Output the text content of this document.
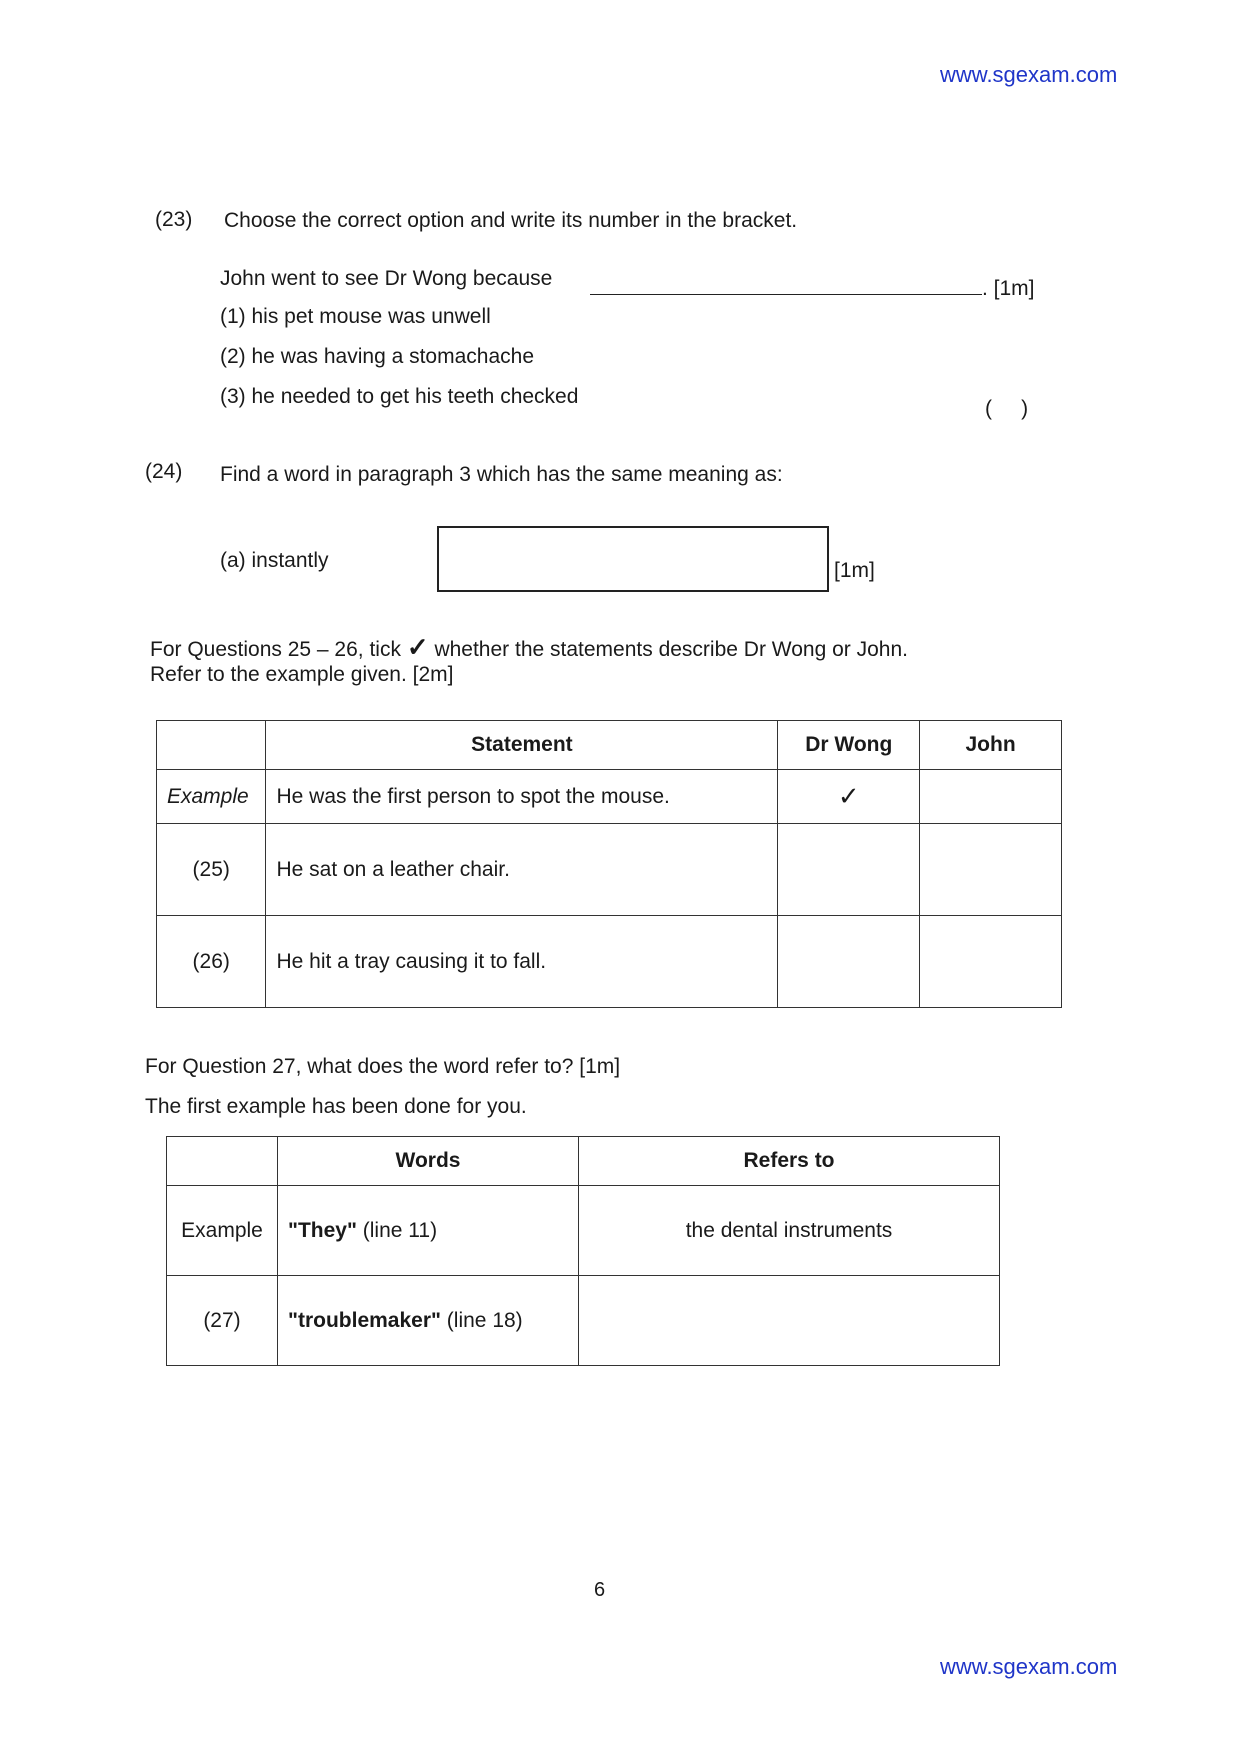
www.sgexam.com
(23) Choose the correct option and write its number in the bracket.
John went to see Dr Wong because	. [1m]
(1) his pet mouse was unwell
(2) he was having a stomachache
(3) he needed to get his teeth checked
(     )
(24) Find a word in paragraph 3 which has the same meaning as:
(a) instantly	[1m]
For Questions 25 – 26, tick ✓ whether the statements describe Dr Wong or John.
Refer to the example given. [2m]
	Statement	Dr Wong	John
Example	He was the first person to spot the mouse.	✓	
(25)	He sat on a leather chair.		
(26)	He hit a tray causing it to fall.		
For Question 27, what does the word refer to? [1m]
The first example has been done for you.
	Words	Refers to
Example	"They" (line 11)	the dental instruments
(27)	"troublemaker" (line 18)	
6
www.sgexam.com
